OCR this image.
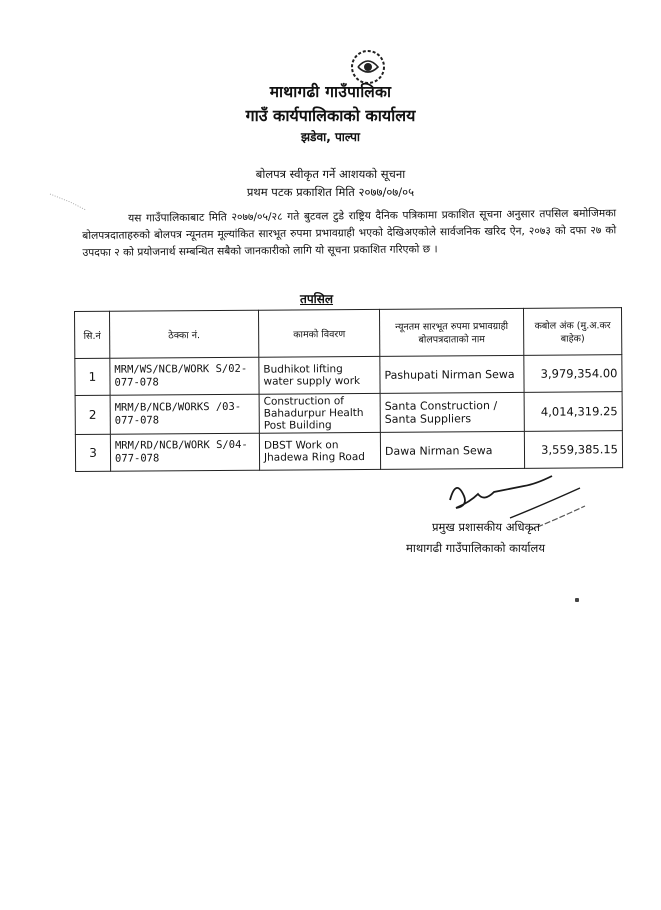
माथागढी गाउँपालिका
गाउँ कार्यपालिकाको कार्यालय
झडेवा, पाल्पा
बोलपत्र स्वीकृत गर्ने आशयको सूचना
प्रथम पटक प्रकाशित मिति २०७७/०७/०५
यस गाउँपालिकाबाट मिति २०७७/०५/२८ गते बुटवल टुडे राष्ट्रिय दैनिक पत्रिकामा प्रकाशित सूचना अनुसार तपसिल बमोजिमका बोलपत्रदाताहरुको बोलपत्र न्यूनतम मूल्यांकित सारभूत रुपमा प्रभावग्राही भएको देखिअएकोले सार्वजनिक खरिद ऐन, २०७३ को दफा २७ को उपदफा २ को प्रयोजनार्थ सम्बन्धित सबैको जानकारीको लागि यो सूचना प्रकाशित गरिएको छ ।
तपसिल
सि.नं	ठेक्का नं.	कामको विवरण	न्यूनतम सारभूत रुपमा प्रभावग्राही बोलपत्रदाताको नाम	कबोल अंक (मु.अ.कर बाहेक)
1	MRM/WS/NCB/WORK S/02-077-078	Budhikot lifting water supply work	Pashupati Nirman Sewa	3,979,354.00
2	MRM/B/NCB/WORKS /03-077-078	Construction of Bahadurpur Health Post Building	Santa Construction / Santa Suppliers	4,014,319.25
3	MRM/RD/NCB/WORK S/04-077-078	DBST Work on Jhadewa Ring Road	Dawa Nirman Sewa	3,559,385.15
प्रमुख प्रशासकीय अधिकृत
माथागढी गाउँपालिकाको कार्यालय
